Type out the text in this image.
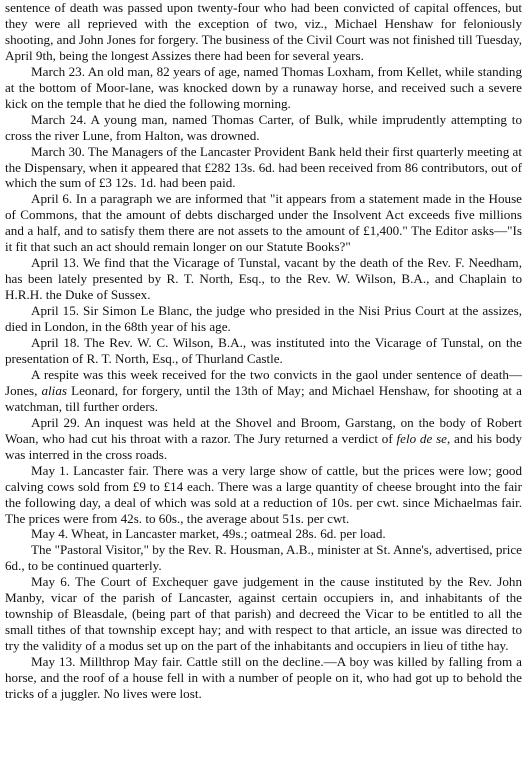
sentence of death was passed upon twenty-four who had been convicted of capital offences, but they were all reprieved with the exception of two, viz., Michael Henshaw for feloniously shooting, and John Jones for forgery. The business of the Civil Court was not finished till Tuesday, April 9th, being the longest Assizes there had been for several years.

March 23. An old man, 82 years of age, named Thomas Loxham, from Kellet, while standing at the bottom of Moor-lane, was knocked down by a runaway horse, and received such a severe kick on the temple that he died the following morning.

March 24. A young man, named Thomas Carter, of Bulk, while imprudently attempting to cross the river Lune, from Halton, was drowned.

March 30. The Managers of the Lancaster Provident Bank held their first quarterly meeting at the Dispensary, when it appeared that £282 13s. 6d. had been received from 86 contributors, out of which the sum of £3 12s. 1d. had been paid.

April 6. In a paragraph we are informed that "it appears from a statement made in the House of Commons, that the amount of debts discharged under the Insolvent Act exceeds five millions and a half, and to satisfy them there are not assets to the amount of £1,400." The Editor asks—"Is it fit that such an act should remain longer on our Statute Books?"

April 13. We find that the Vicarage of Tunstal, vacant by the death of the Rev. F. Needham, has been lately presented by R. T. North, Esq., to the Rev. W. Wilson, B.A., and Chaplain to H.R.H. the Duke of Sussex.

April 15. Sir Simon Le Blanc, the judge who presided in the Nisi Prius Court at the assizes, died in London, in the 68th year of his age.

April 18. The Rev. W. C. Wilson, B.A., was instituted into the Vicarage of Tunstal, on the presentation of R. T. North, Esq., of Thurland Castle.

A respite was this week received for the two convicts in the gaol under sentence of death—Jones, alias Leonard, for forgery, until the 13th of May; and Michael Henshaw, for shooting at a watchman, till further orders.

April 29. An inquest was held at the Shovel and Broom, Garstang, on the body of Robert Woan, who had cut his throat with a razor. The Jury returned a verdict of felo de se, and his body was interred in the cross roads.

May 1. Lancaster fair. There was a very large show of cattle, but the prices were low; good calving cows sold from £9 to £14 each. There was a large quantity of cheese brought into the fair the following day, a deal of which was sold at a reduction of 10s. per cwt. since Michaelmas fair. The prices were from 42s. to 60s., the average about 51s. per cwt.

May 4. Wheat, in Lancaster market, 49s.; oatmeal 28s. 6d. per load.

The "Pastoral Visitor," by the Rev. R. Housman, A.B., minister at St. Anne's, advertised, price 6d., to be continued quarterly.

May 6. The Court of Exchequer gave judgement in the cause instituted by the Rev. John Manby, vicar of the parish of Lancaster, against certain occupiers in, and inhabitants of the township of Bleasdale, (being part of that parish) and decreed the Vicar to be entitled to all the small tithes of that township except hay; and with respect to that article, an issue was directed to try the validity of a modus set up on the part of the inhabitants and occupiers in lieu of tithe hay.

May 13. Millthrop May fair. Cattle still on the decline.—A boy was killed by falling from a horse, and the roof of a house fell in with a number of people on it, who had got up to behold the tricks of a juggler. No lives were lost.
